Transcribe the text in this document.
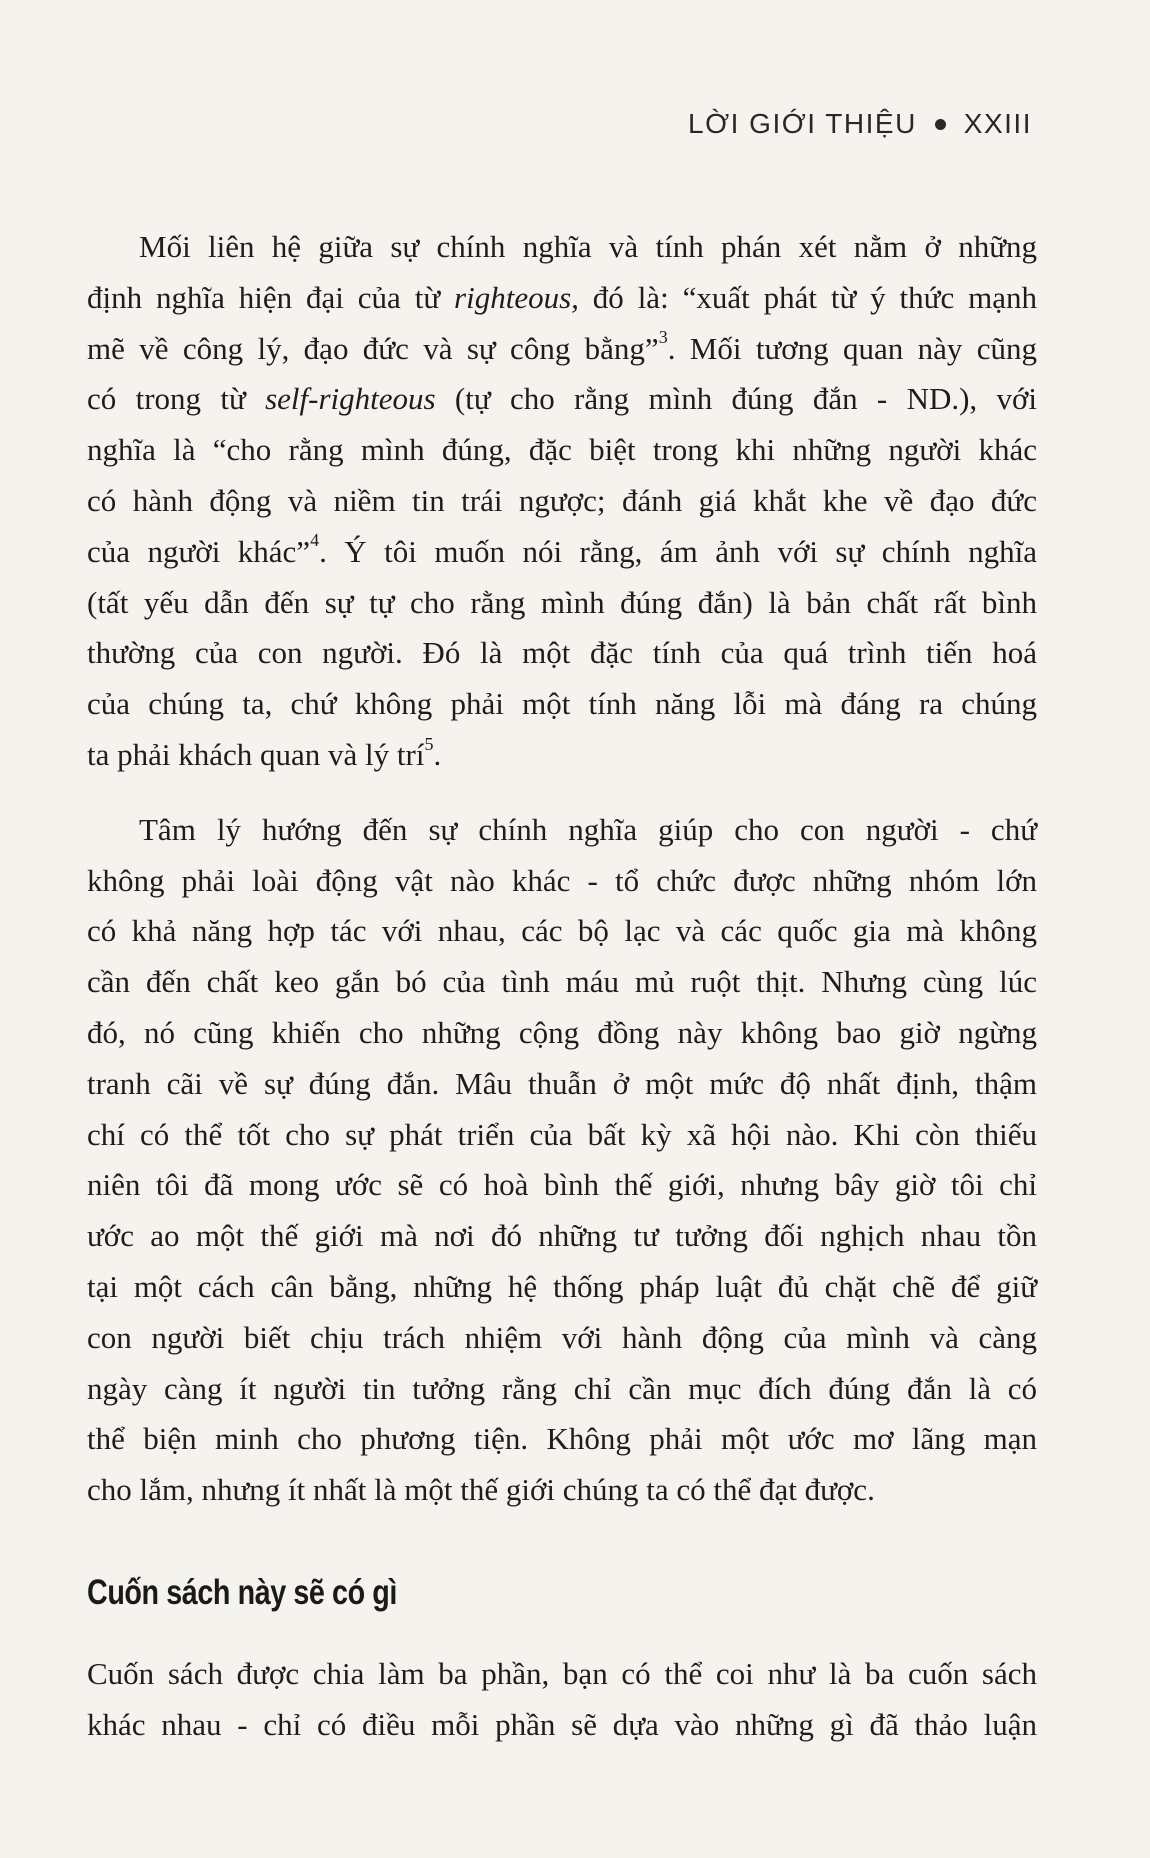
LỜI GIỚI THIỆU XXIII

Mối liên hệ giữa sự chính nghĩa và tính phán xét nằm ở những
định nghĩa hiện đại của từ righteous, đó là: “xuất phát từ ý thức mạnh
mẽ về công lý, đạo đức và sự công bằng”$^3$. Mối tương quan này cũng
có trong từ self-righteous (tự cho rằng mình đúng đắn - ND.), với
nghĩa là “cho rằng mình đúng, đặc biệt trong khi những người khác
có hành động và niềm tin trái ngược; đánh giá khắt khe về đạo đức
của người khác”$^4$. Ý tôi muốn nói rằng, ám ảnh với sự chính nghĩa
(tất yếu dẫn đến sự tự cho rằng mình đúng đắn) là bản chất rất bình
thường của con người. Đó là một đặc tính của quá trình tiến hoá
của chúng ta, chứ không phải một tính năng lỗi mà đáng ra chúng
ta phải khách quan và lý trí$^5$.

Tâm lý hướng đến sự chính nghĩa giúp cho con người - chứ
không phải loài động vật nào khác - tổ chức được những nhóm lớn
có khả năng hợp tác với nhau, các bộ lạc và các quốc gia mà không
cần đến chất keo gắn bó của tình máu mủ ruột thịt. Nhưng cùng lúc
đó, nó cũng khiến cho những cộng đồng này không bao giờ ngừng
tranh cãi về sự đúng đắn. Mâu thuẫn ở một mức độ nhất định, thậm
chí có thể tốt cho sự phát triển của bất kỳ xã hội nào. Khi còn thiếu
niên tôi đã mong ước sẽ có hoà bình thế giới, nhưng bây giờ tôi chỉ
ước ao một thế giới mà nơi đó những tư tưởng đối nghịch nhau tồn
tại một cách cân bằng, những hệ thống pháp luật đủ chặt chẽ để giữ
con người biết chịu trách nhiệm với hành động của mình và càng
ngày càng ít người tin tưởng rằng chỉ cần mục đích đúng đắn là có
thể biện minh cho phương tiện. Không phải một ước mơ lãng mạn
cho lắm, nhưng ít nhất là một thế giới chúng ta có thể đạt được.

Cuốn sách này sẽ có gì
Cuốn sách được chia làm ba phần, bạn có thể coi như là ba cuốn sách
khác nhau - chỉ có điều mỗi phần sẽ dựa vào những gì đã thảo luận
